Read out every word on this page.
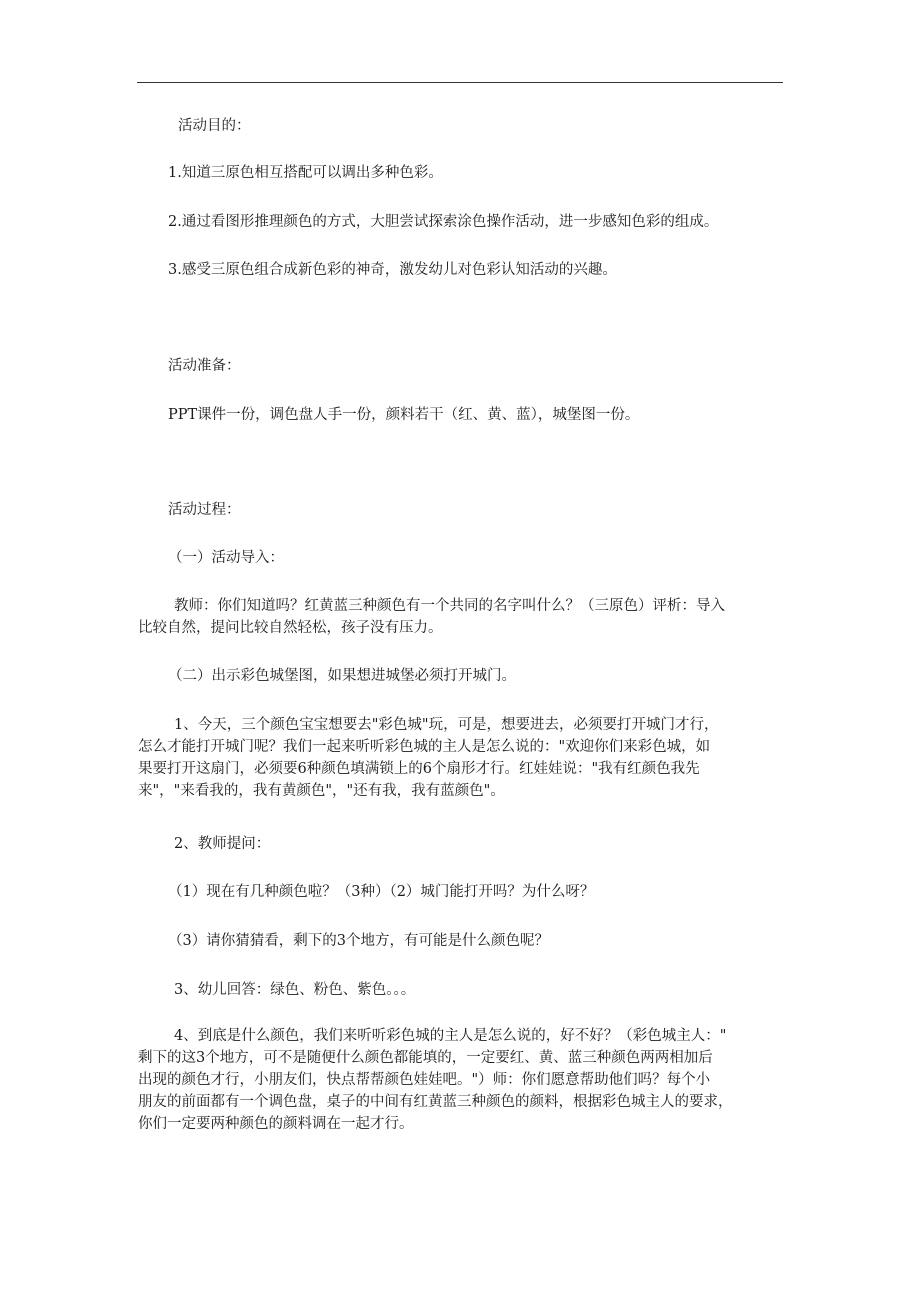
活动目的：

1.知道三原色相互搭配可以调出多种色彩。

2.通过看图形推理颜色的方式，大胆尝试探索涂色操作活动，进一步感知色彩的组成。

3.感受三原色组合成新色彩的神奇，激发幼儿对色彩认知活动的兴趣。

活动准备：

PPT课件一份，调色盘人手一份，颜料若干（红、黄、蓝），城堡图一份。

活动过程：

（一）活动导入：

教师：你们知道吗？红黄蓝三种颜色有一个共同的名字叫什么？（三原色）评析：导入
比较自然，提问比较自然轻松，孩子没有压力。

（二）出示彩色城堡图，如果想进城堡必须打开城门。

1、今天，三个颜色宝宝想要去"彩色城"玩，可是，想要进去，必须要打开城门才行，
怎么才能打开城门呢？我们一起来听听彩色城的主人是怎么说的："欢迎你们来彩色城，如
果要打开这扇门，必须要6种颜色填满锁上的6个扇形才行。红娃娃说："我有红颜色我先
来"，"来看我的，我有黄颜色"，"还有我，我有蓝颜色"。

2、教师提问：

（1）现在有几种颜色啦？（3种）（2）城门能打开吗？为什么呀？

（3）请你猜猜看，剩下的3个地方，有可能是什么颜色呢？

3、幼儿回答：绿色、粉色、紫色。。。

4、到底是什么颜色，我们来听听彩色城的主人是怎么说的，好不好？（彩色城主人："
剩下的这3个地方，可不是随便什么颜色都能填的，一定要红、黄、蓝三种颜色两两相加后
出现的颜色才行，小朋友们，快点帮帮颜色娃娃吧。"）师：你们愿意帮助他们吗？每个小
朋友的前面都有一个调色盘，桌子的中间有红黄蓝三种颜色的颜料，根据彩色城主人的要求，
你们一定要两种颜色的颜料调在一起才行。
